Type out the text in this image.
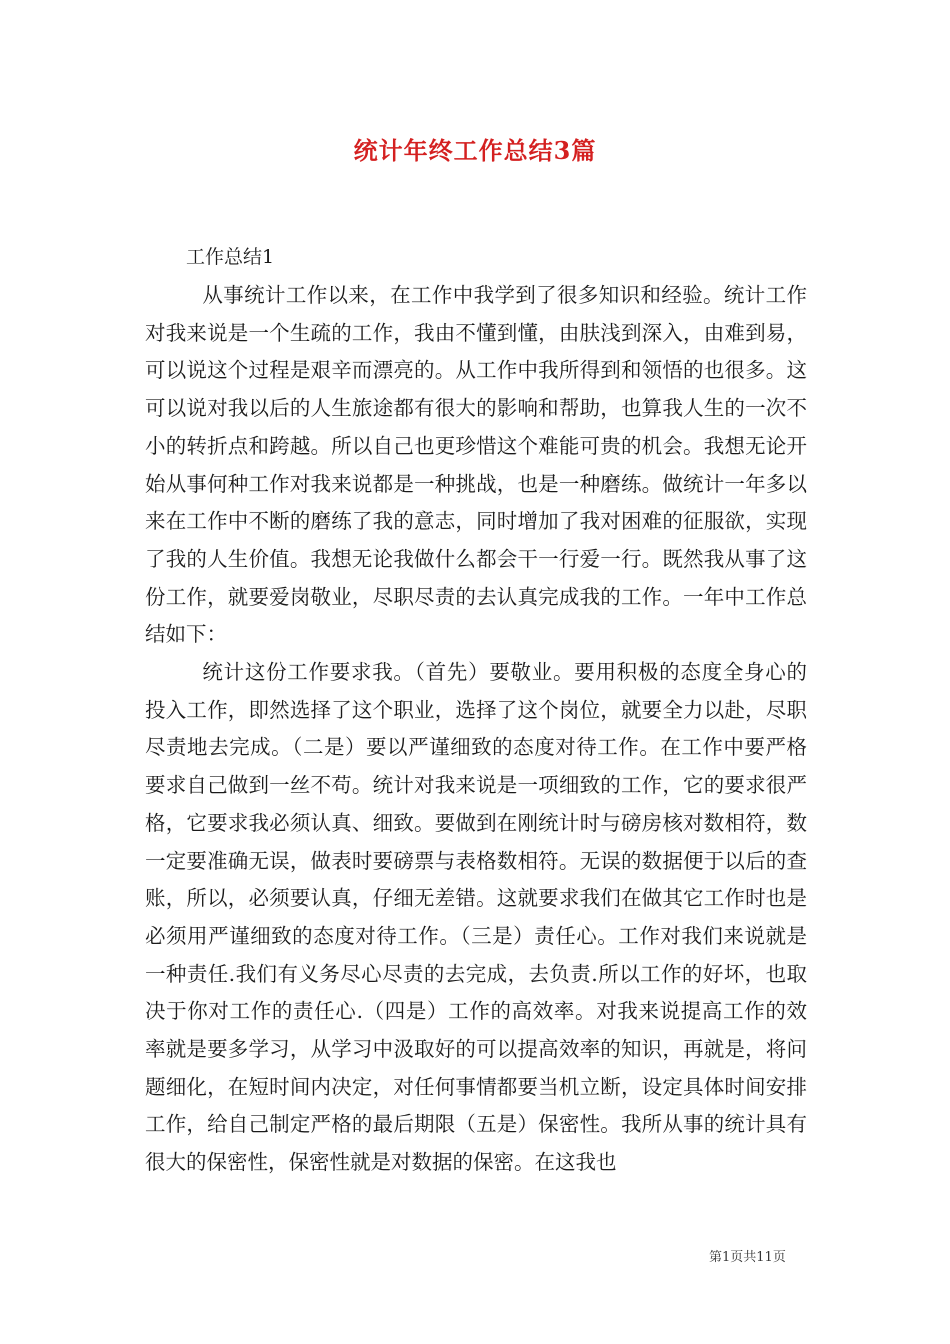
统计年终工作总结3篇
工作总结1

从事统计工作以来，在工作中我学到了很多知识和经验。统计工作对我来说是一个生疏的工作，我由不懂到懂，由肤浅到深入，由难到易，可以说这个过程是艰辛而漂亮的。从工作中我所得到和领悟的也很多。这可以说对我以后的人生旅途都有很大的影响和帮助，也算我人生的一次不小的转折点和跨越。所以自己也更珍惜这个难能可贵的机会。我想无论开始从事何种工作对我来说都是一种挑战，也是一种磨练。做统计一年多以来在工作中不断的磨练了我的意志，同时增加了我对困难的征服欲，实现了我的人生价值。我想无论我做什么都会干一行爱一行。既然我从事了这份工作，就要爱岗敬业，尽职尽责的去认真完成我的工作。一年中工作总结如下：

统计这份工作要求我。（首先）要敬业。要用积极的态度全身心的投入工作，即然选择了这个职业，选择了这个岗位，就要全力以赴，尽职尽责地去完成。（二是）要以严谨细致的态度对待工作。在工作中要严格要求自己做到一丝不苟。统计对我来说是一项细致的工作，它的要求很严格，它要求我必须认真、细致。要做到在刚统计时与磅房核对数相符，数一定要准确无误，做表时要磅票与表格数相符。无误的数据便于以后的查账，所以，必须要认真，仔细无差错。这就要求我们在做其它工作时也是必须用严谨细致的态度对待工作。（三是）责任心。工作对我们来说就是一种责任.我们有义务尽心尽责的去完成，去负责.所以工作的好坏，也取决于你对工作的责任心.（四是）工作的高效率。对我来说提高工作的效率就是要多学习，从学习中汲取好的可以提高效率的知识，再就是，将问题细化，在短时间内决定，对任何事情都要当机立断，设定具体时间安排工作，给自己制定严格的最后期限（五是）保密性。我所从事的统计具有很大的保密性，保密性就是对数据的保密。在这我也

第1页共11页
